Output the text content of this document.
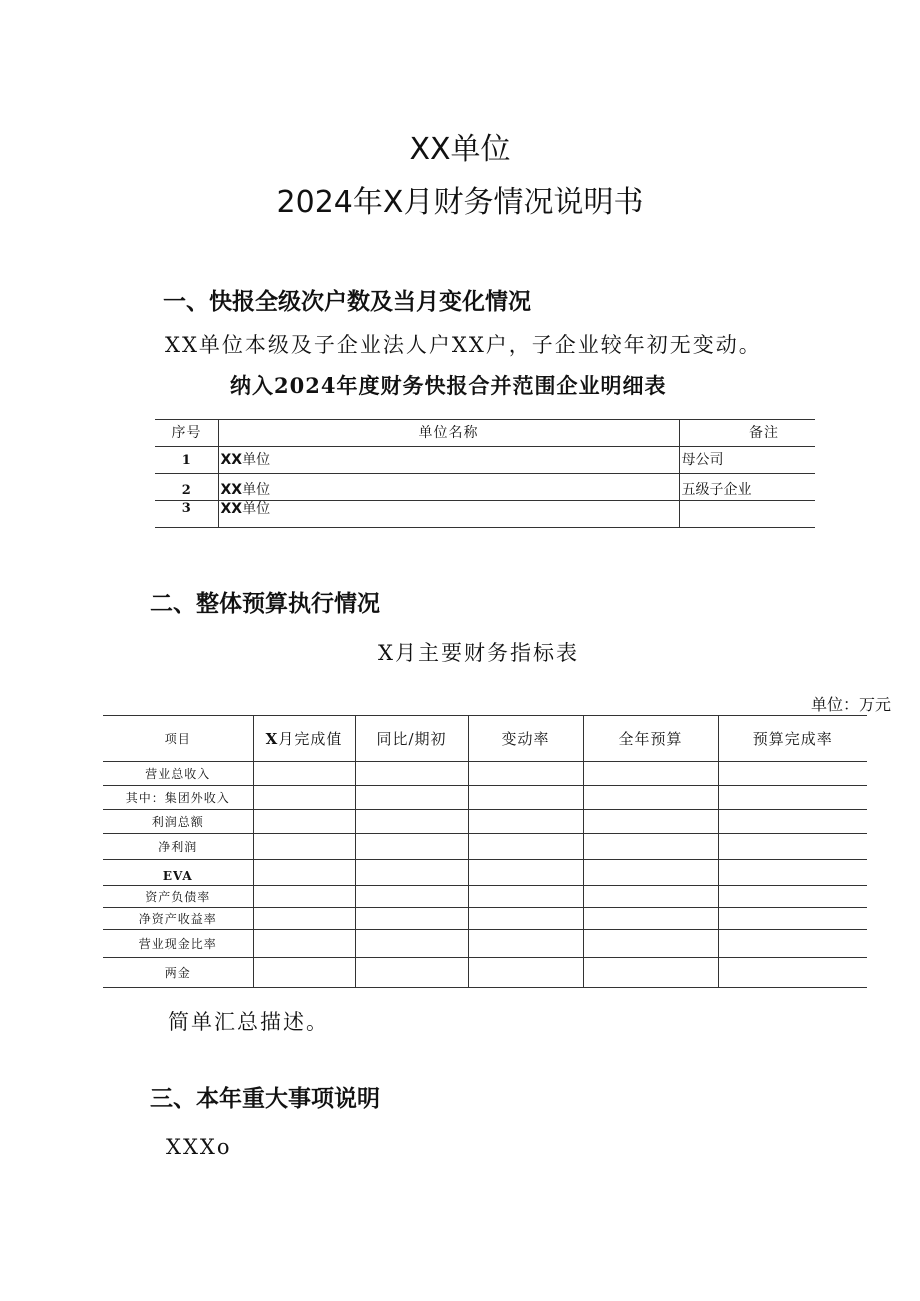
XX单位
2024年X月财务情况说明书
一、快报全级次户数及当月变化情况
XX单位本级及子企业法人户XX户，子企业较年初无变动。
纳入2024年度财务快报合并范围企业明细表
序号	单位名称	备注
1	XX单位	母公司
2	XX单位	五级子企业
3	XX单位	
二、整体预算执行情况
X月主要财务指标表
单位：万元
项目	X月完成值	同比/期初	变动率	全年预算	预算完成率
营业总收入					
其中：集团外收入					
利润总额					
净利润					
EVA					
资产负债率					
净资产收益率					
营业现金比率					
两金					
简单汇总描述。
三、本年重大事项说明
XXXo
